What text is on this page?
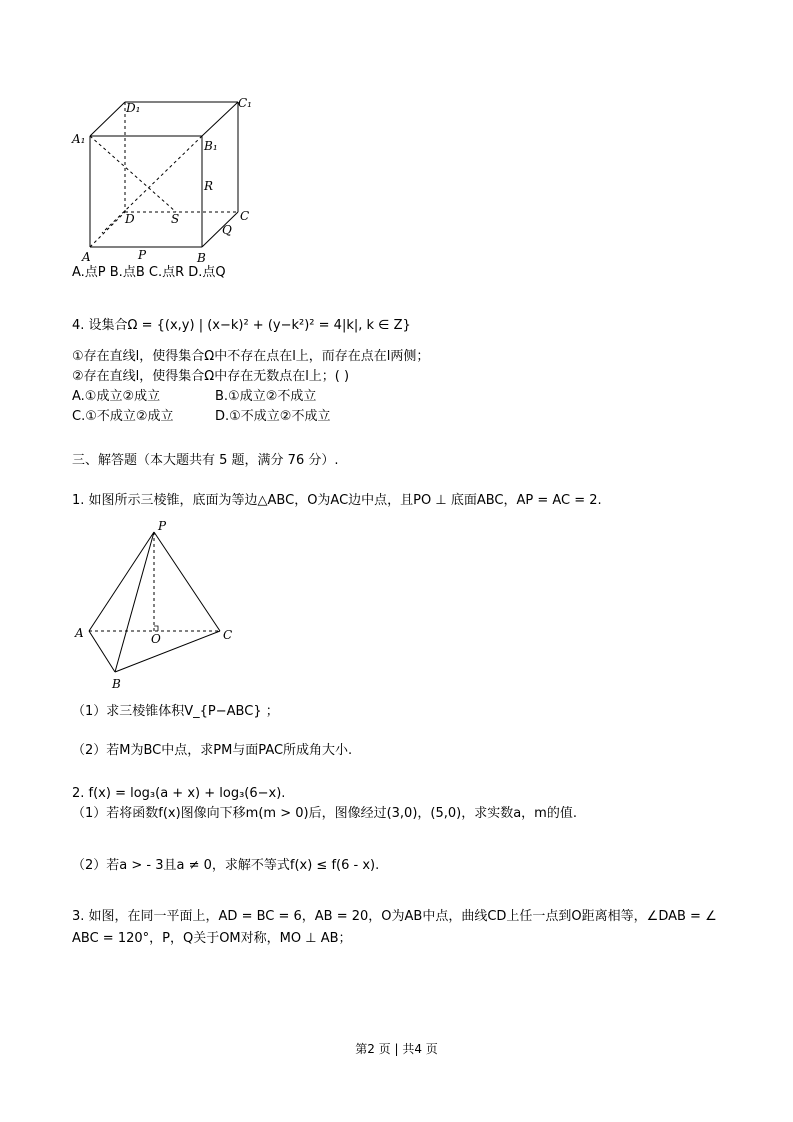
D₁	C₁
A₁	B₁
R
D	S	C
Q
A	P	B
A.点P B.点B C.点R D.点Q
4. 设集合Ω = {(x,y) | (x−k)² + (y−k²)² = 4|k|, k ∈ Z}
①存在直线l，使得集合Ω中不存在点在l上，而存在点在l两侧；
②存在直线l，使得集合Ω中存在无数点在l上；( )
A.①成立②成立	B.①成立②不成立
C.①不成立②成立	D.①不成立②不成立
三、解答题（本大题共有 5 题，满分 76 分）.
1. 如图所示三棱锥，底面为等边△ABC，O为AC边中点，且PO ⊥ 底面ABC，AP = AC = 2.
P
A	O	C
B
（1）求三棱锥体积V_{P−ABC} ；
（2）若M为BC中点，求PM与面PAC所成角大小.
2. f(x) = log₃(a + x) + log₃(6−x).
（1）若将函数f(x)图像向下移m(m > 0)后，图像经过(3,0)，(5,0)，求实数a，m的值.
（2）若a > - 3且a ≠ 0，求解不等式f(x) ≤ f(6 - x).
3. 如图，在同一平面上，AD = BC = 6，AB = 20，O为AB中点，曲线CD上任一点到O距离相等，∠DAB = ∠
ABC = 120°，P，Q关于OM对称，MO ⊥ AB；
第2 页 | 共4 页
